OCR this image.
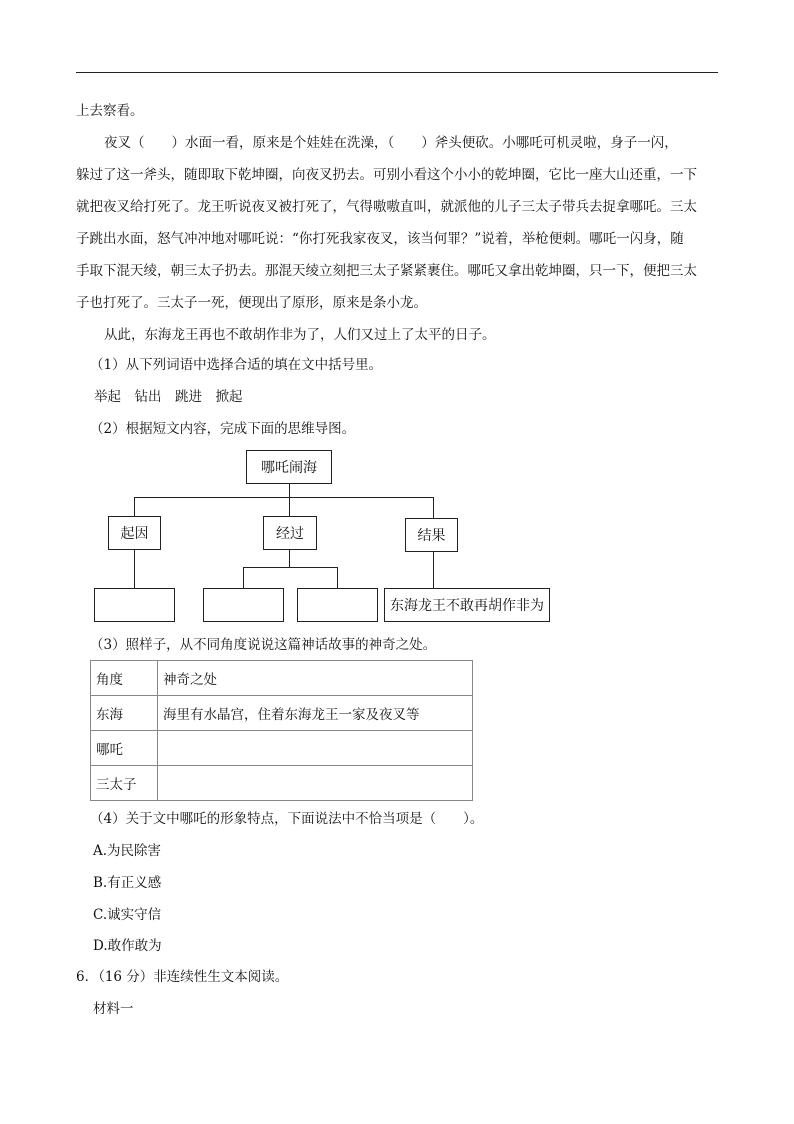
上去察看。
夜叉（　　）水面一看，原来是个娃娃在洗澡，（　　）斧头便砍。小哪吒可机灵啦，身子一闪，
躲过了这一斧头，随即取下乾坤圈，向夜叉扔去。可别小看这个小小的乾坤圈，它比一座大山还重，一下
就把夜叉给打死了。龙王听说夜叉被打死了，气得嗷嗷直叫，就派他的儿子三太子带兵去捉拿哪吒。三太
子跳出水面，怒气冲冲地对哪吒说：“你打死我家夜叉，该当何罪？”说着，举枪便刺。哪吒一闪身，随
手取下混天绫，朝三太子扔去。那混天绫立刻把三太子紧紧裹住。哪吒又拿出乾坤圈，只一下，便把三太
子也打死了。三太子一死，便现出了原形，原来是条小龙。
从此，东海龙王再也不敢胡作非为了，人们又过上了太平的日子。
（1）从下列词语中选择合适的填在文中括号里。
举起　钻出　跳进　掀起
（2）根据短文内容，完成下面的思维导图。
哪吒闹海
起因	经过	结果
东海龙王不敢再胡作非为
（3）照样子，从不同角度说说这篇神话故事的神奇之处。
角度	神奇之处
东海	海里有水晶宫，住着东海龙王一家及夜叉等
哪吒	
三太子	
（4）关于文中哪吒的形象特点，下面说法中不恰当项是（　　）。
A.为民除害
B.有正义感
C.诚实守信
D.敢作敢为
6．（16 分）非连续性生文本阅读。
材料一
